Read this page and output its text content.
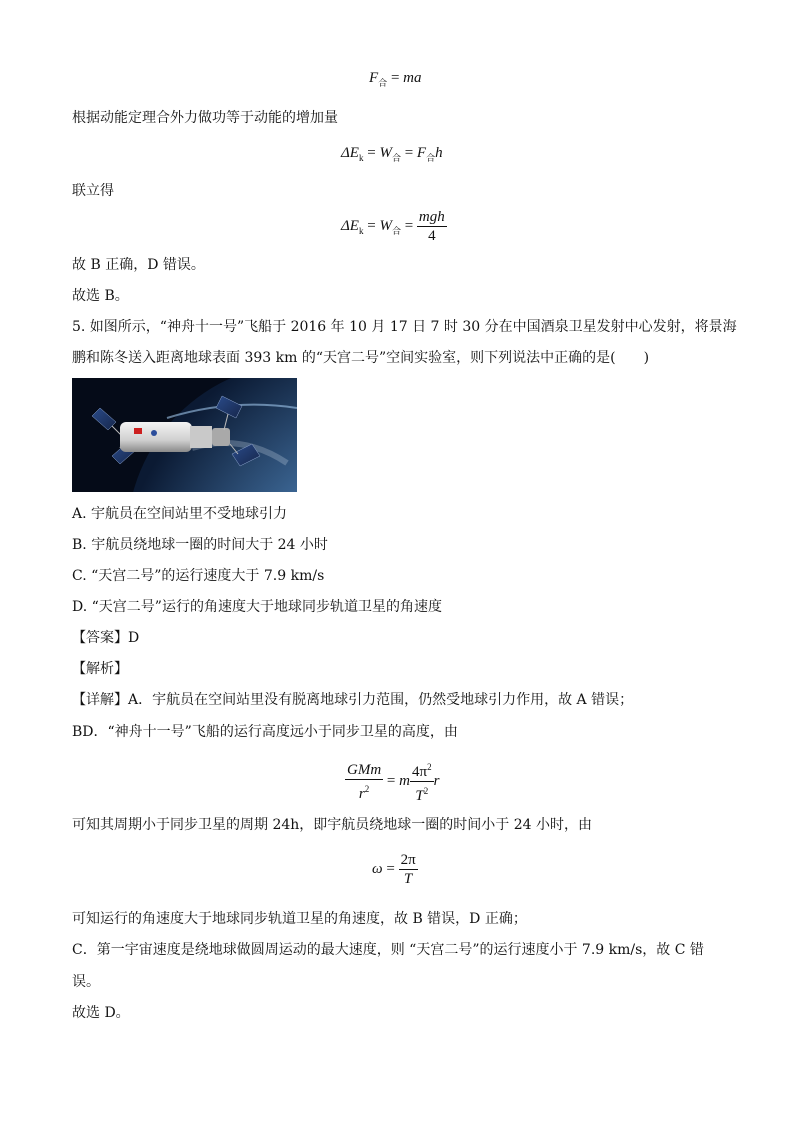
$F_合$ = ma
根据动能定理合外力做功等于动能的增加量
$\Delta E_k = W_合 = F_合h$
联立得
$\Delta E_k = W_合 = \frac{\text{mgh}}{4}$
故 B 正确，D 错误。
故选 B。
5. 如图所示，“神舟十一号”飞船于 2016 年 10 月 17 日 7 时 30 分在中国酒泉卫星发射中心发射，将景海
鹏和陈冬送入距离地球表面 393 km 的“天宫二号”空间实验室，则下列说法中正确的是(　　)
A. 宇航员在空间站里不受地球引力
B. 宇航员绕地球一圈的时间大于 24 小时
C. “天宫二号”的运行速度大于 7.9 km/s
D. “天宫二号”运行的角速度大于地球同步轨道卫星的角速度
【答案】D
【解析】
【详解】A．宇航员在空间站里没有脱离地球引力范围，仍然受地球引力作用，故 A 错误；
BD．“神舟十一号”飞船的运行高度远小于同步卫星的高度，由
$\frac{\text{GMm}}{r^2} = m \frac{4\pi^2}{T^2}$ r
可知其周期小于同步卫星的周期 24h，即宇航员绕地球一圈的时间小于 24 小时，由
$\omega = \frac{2\pi}{T}$
可知运行的角速度大于地球同步轨道卫星的角速度，故 B 错误，D 正确；
C．第一宇宙速度是绕地球做圆周运动的最大速度，则 “天宫二号”的运行速度小于 7.9 km/s，故 C 错
误。
故选 D。
